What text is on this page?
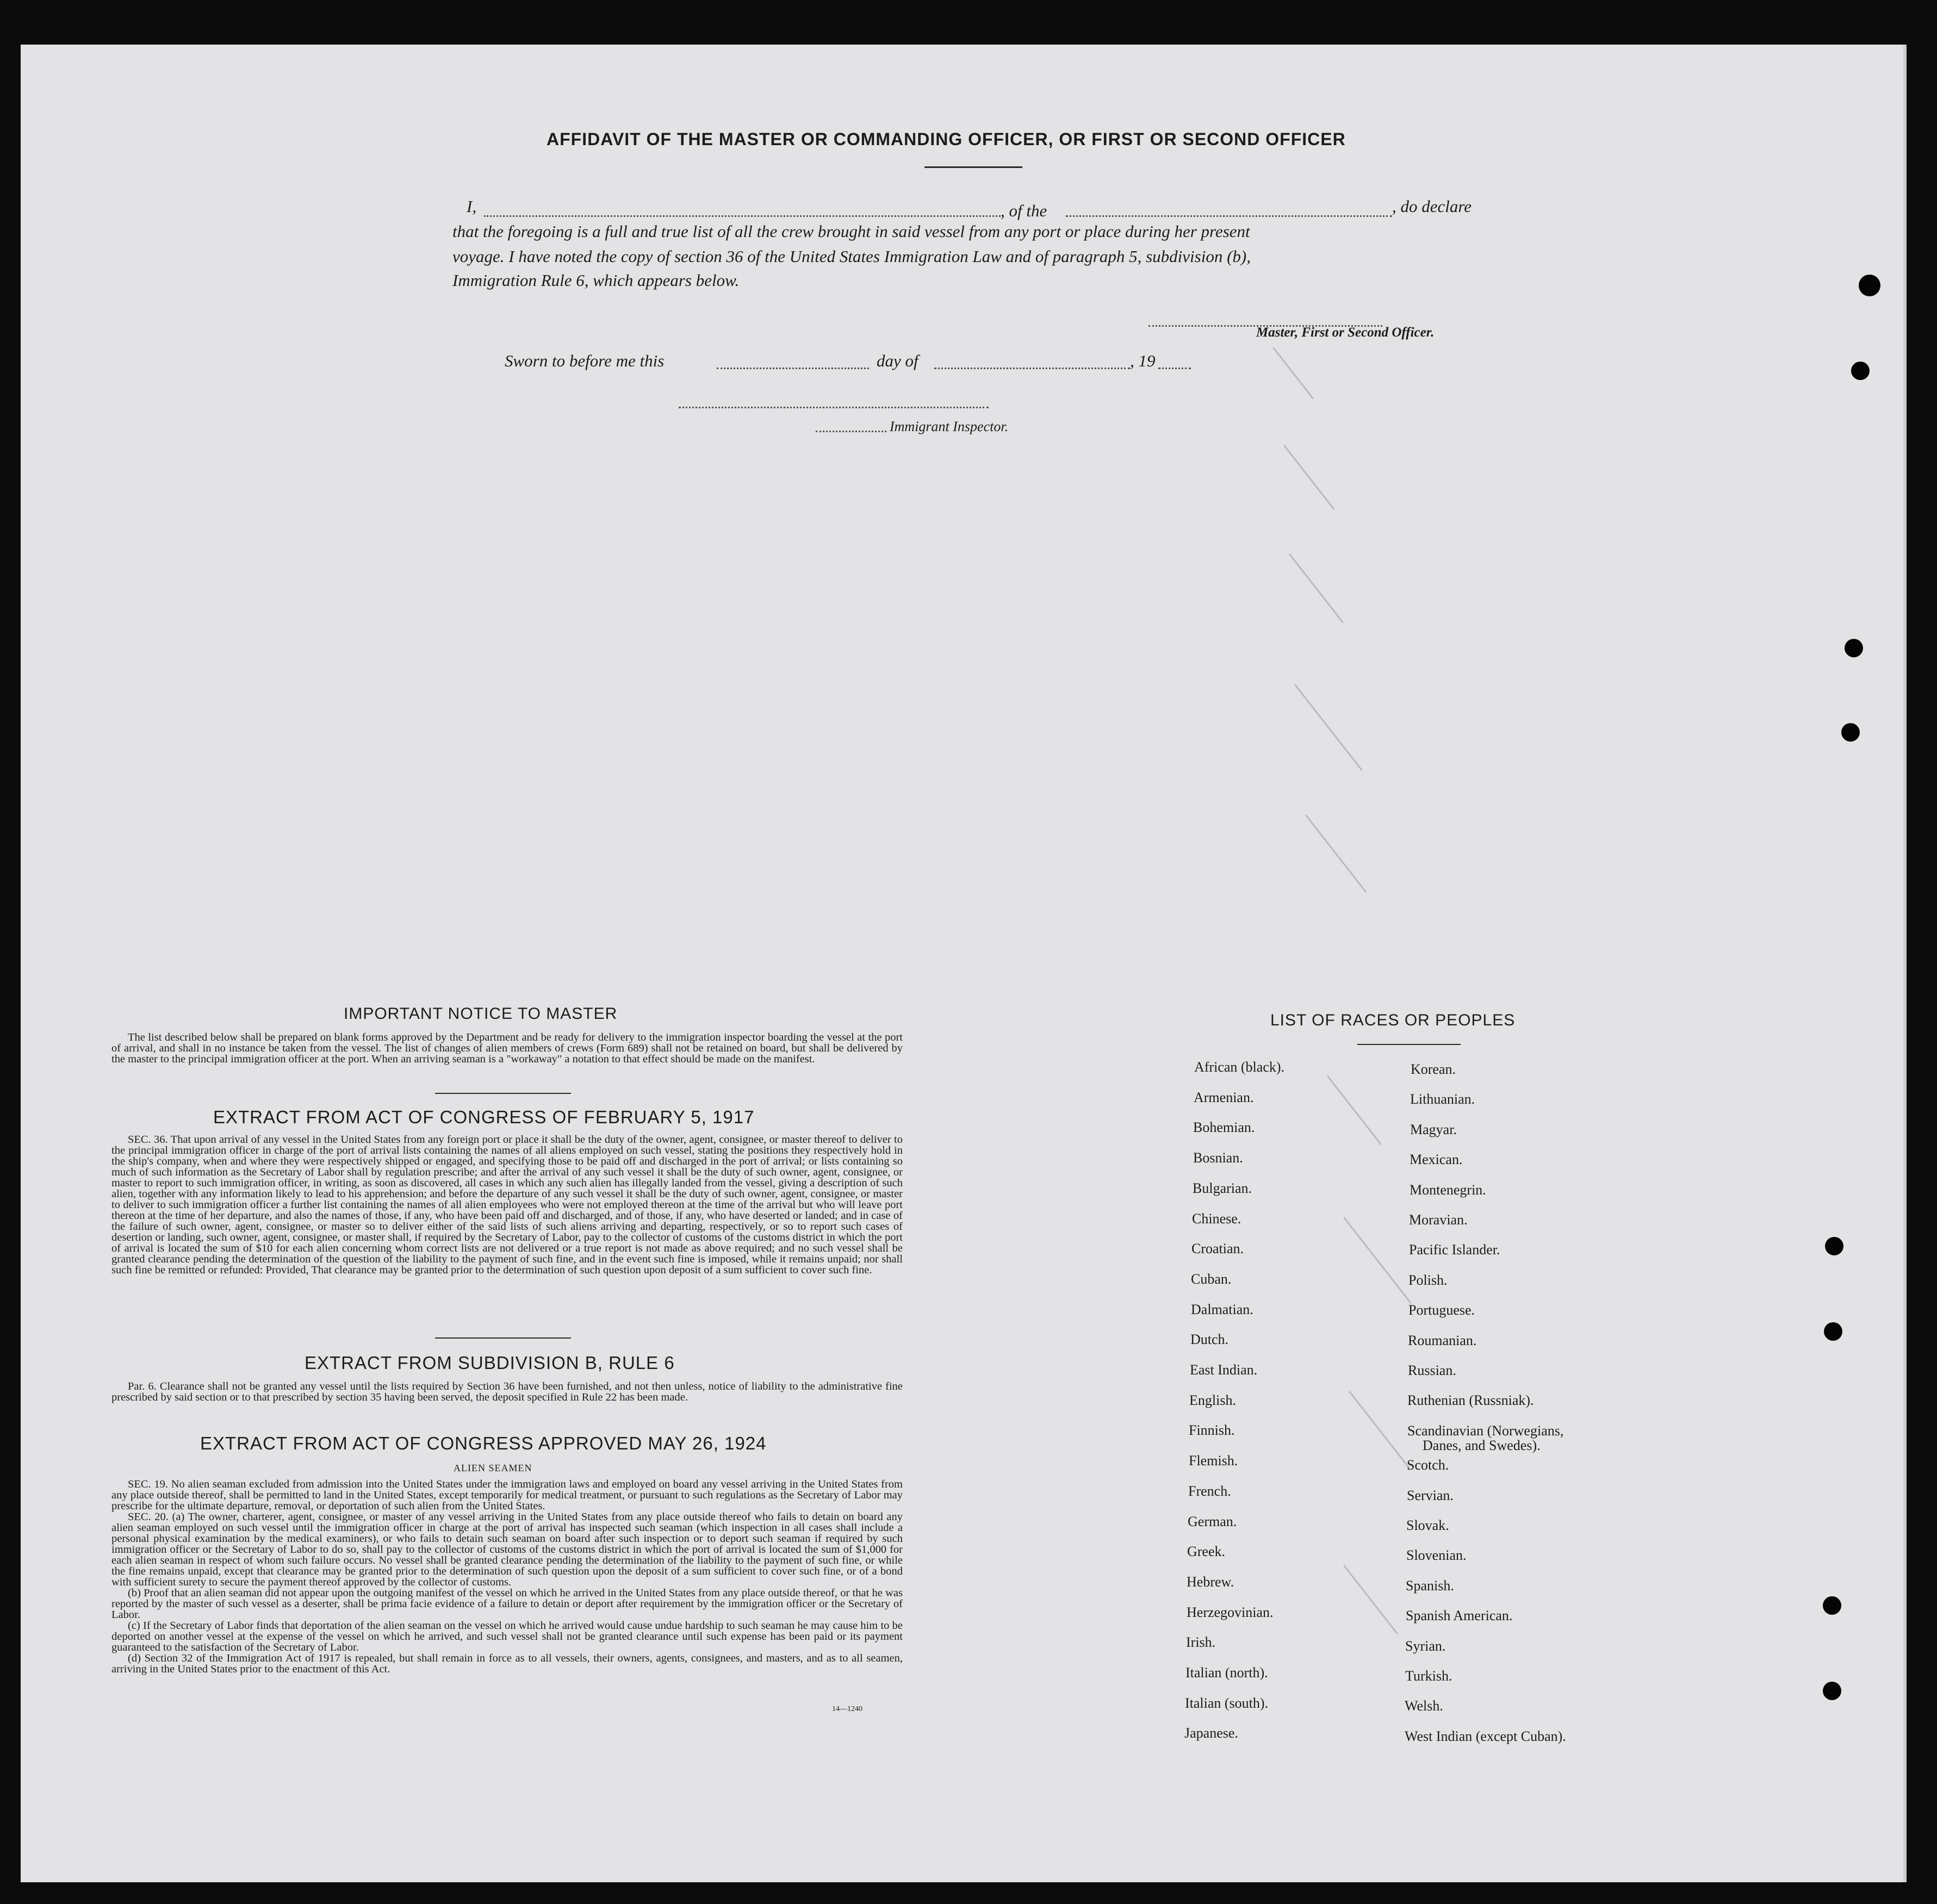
AFFIDAVIT OF THE MASTER OR COMMANDING OFFICER, OR FIRST OR SECOND OFFICER
I,	, of the	, do declare
that the foregoing is a full and true list of all the crew brought in said vessel from any port or place during her present
voyage. I have noted the copy of section 36 of the United States Immigration Law and of paragraph 5, subdivision (b),
Immigration Rule 6, which appears below.
Master, First or Second Officer.
Sworn to before me this	day of	, 19
Immigrant Inspector.
IMPORTANT NOTICE TO MASTER

The list described below shall be prepared on blank forms approved by the Department and be ready for delivery to the immigration inspector boarding the vessel at the port of arrival, and shall in no instance be taken from the vessel. The list of changes of alien members of crews (Form 689) shall not be retained on board, but shall be delivered by the master to the principal immigration officer at the port. When an arriving seaman is a "workaway" a notation to that effect should be made on the manifest.

EXTRACT FROM ACT OF CONGRESS OF FEBRUARY 5, 1917

SEC. 36. That upon arrival of any vessel in the United States from any foreign port or place it shall be the duty of the owner, agent, consignee, or master thereof to deliver to the principal immigration officer in charge of the port of arrival lists containing the names of all aliens employed on such vessel, stating the positions they respectively hold in the ship's company, when and where they were respectively shipped or engaged, and specifying those to be paid off and discharged in the port of arrival; or lists containing so much of such information as the Secretary of Labor shall by regulation prescribe; and after the arrival of any such vessel it shall be the duty of such owner, agent, consignee, or master to report to such immigration officer, in writing, as soon as discovered, all cases in which any such alien has illegally landed from the vessel, giving a description of such alien, together with any information likely to lead to his apprehension; and before the departure of any such vessel it shall be the duty of such owner, agent, consignee, or master to deliver to such immigration officer a further list containing the names of all alien employees who were not employed thereon at the time of the arrival but who will leave port thereon at the time of her departure, and also the names of those, if any, who have been paid off and discharged, and of those, if any, who have deserted or landed; and in case of the failure of such owner, agent, consignee, or master so to deliver either of the said lists of such aliens arriving and departing, respectively, or so to report such cases of desertion or landing, such owner, agent, consignee, or master shall, if required by the Secretary of Labor, pay to the collector of customs of the customs district in which the port of arrival is located the sum of $10 for each alien concerning whom correct lists are not delivered or a true report is not made as above required; and no such vessel shall be granted clearance pending the determination of the question of the liability to the payment of such fine, and in the event such fine is imposed, while it remains unpaid; nor shall such fine be remitted or refunded: Provided, That clearance may be granted prior to the determination of such question upon deposit of a sum sufficient to cover such fine.

EXTRACT FROM SUBDIVISION B, RULE 6

Par. 6. Clearance shall not be granted any vessel until the lists required by Section 36 have been furnished, and not then unless, notice of liability to the administrative fine prescribed by said section or to that prescribed by section 35 having been served, the deposit specified in Rule 22 has been made.

EXTRACT FROM ACT OF CONGRESS APPROVED MAY 26, 1924
ALIEN SEAMEN

SEC. 19. No alien seaman excluded from admission into the United States under the immigration laws and employed on board any vessel arriving in the United States from any place outside thereof, shall be permitted to land in the United States, except temporarily for medical treatment, or pursuant to such regulations as the Secretary of Labor may prescribe for the ultimate departure, removal, or deportation of such alien from the United States.

SEC. 20. (a) The owner, charterer, agent, consignee, or master of any vessel arriving in the United States from any place outside thereof who fails to detain on board any alien seaman employed on such vessel until the immigration officer in charge at the port of arrival has inspected such seaman (which inspection in all cases shall include a personal physical examination by the medical examiners), or who fails to detain such seaman on board after such inspection or to deport such seaman if required by such immigration officer or the Secretary of Labor to do so, shall pay to the collector of customs of the customs district in which the port of arrival is located the sum of $1,000 for each alien seaman in respect of whom such failure occurs. No vessel shall be granted clearance pending the determination of the liability to the payment of such fine, or while the fine remains unpaid, except that clearance may be granted prior to the determination of such question upon the deposit of a sum sufficient to cover such fine, or of a bond with sufficient surety to secure the payment thereof approved by the collector of customs.

(b) Proof that an alien seaman did not appear upon the outgoing manifest of the vessel on which he arrived in the United States from any place outside thereof, or that he was reported by the master of such vessel as a deserter, shall be prima facie evidence of a failure to detain or deport after requirement by the immigration officer or the Secretary of Labor.

(c) If the Secretary of Labor finds that deportation of the alien seaman on the vessel on which he arrived would cause undue hardship to such seaman he may cause him to be deported on another vessel at the expense of the vessel on which he arrived, and such vessel shall not be granted clearance until such expense has been paid or its payment guaranteed to the satisfaction of the Secretary of Labor.

(d) Section 32 of the Immigration Act of 1917 is repealed, but shall remain in force as to all vessels, their owners, agents, consignees, and masters, and as to all seamen, arriving in the United States prior to the enactment of this Act.

14—1240
LIST OF RACES OR PEOPLES
African (black).
Armenian.
Bohemian.
Bosnian.
Bulgarian.
Chinese.
Croatian.
Cuban.
Dalmatian.
Dutch.
East Indian.
English.
Finnish.
Flemish.
French.
German.
Greek.
Hebrew.
Herzegovinian.
Irish.
Italian (north).
Italian (south).
Japanese.
Korean.
Lithuanian.
Magyar.
Mexican.
Montenegrin.
Moravian.
Pacific Islander.
Polish.
Portuguese.
Roumanian.
Russian.
Ruthenian (Russniak).
Scandinavian (Norwegians,
Scotch.
Servian.
Slovak.
Slovenian.
Spanish.
Spanish American.
Syrian.
Turkish.
Welsh.
West Indian (except Cuban).
Danes, and Swedes).
